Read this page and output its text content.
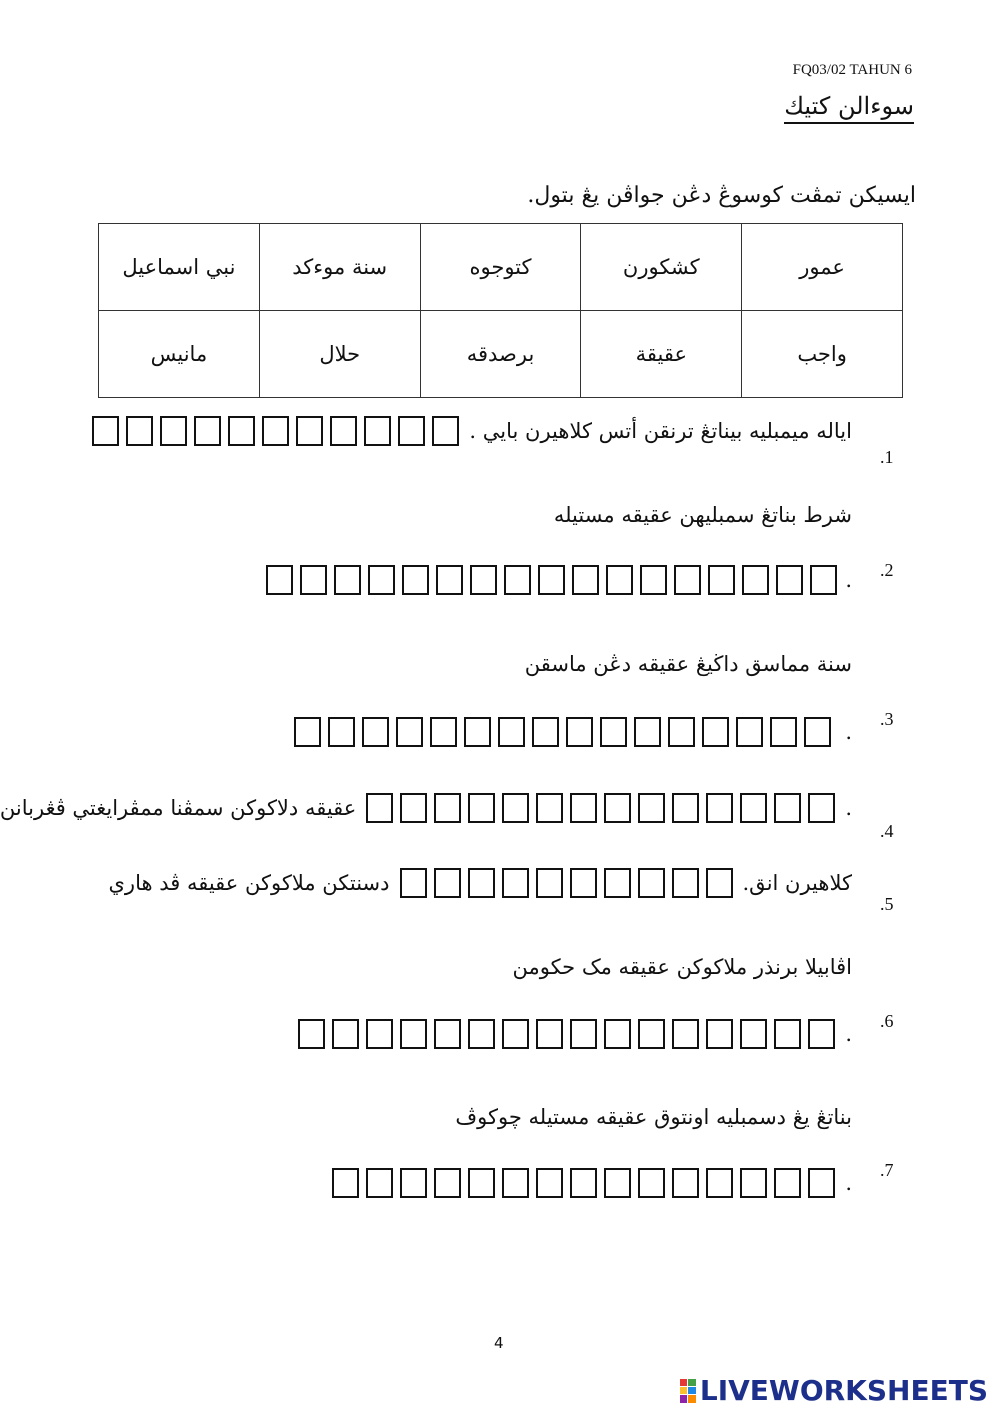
FQ03/02 TAHUN 6
سوءالن كتيك
ايسيكن تمڤت كوسوڠ دڠن جواڤن يڠ بتول.
عمور	كشكورن	كتوجوه	سنة موءكد	نبي اسماعيل
واجب	عقيقة	برصدقه	حلال	مانيس
.1
اياله ميمبليه بيناتڠ ترنقن أتس كلاهيرن بايي .
شرط بناتڠ سمبليهن عقيقه مستيله
.2
.
سنة مماسق داڬيڠ عقيقه دڠن ماسقن
.3
.
.4
عقيقه دلاكوكن سمڤنا ممڤرايغتي ڤڠربانن	.
.5
دسنتكن ملاكوكن عقيقه ڤد هاري	كلاهيرن انق.
اڤابيلا برنذر ملاكوكن عقيقه مک حكومن
.6
.
بناتڠ يڠ دسمبليه اونتوق عقيقه مستيله چوكوڤ
.7
.
4
LIVEWORKSHEETS
